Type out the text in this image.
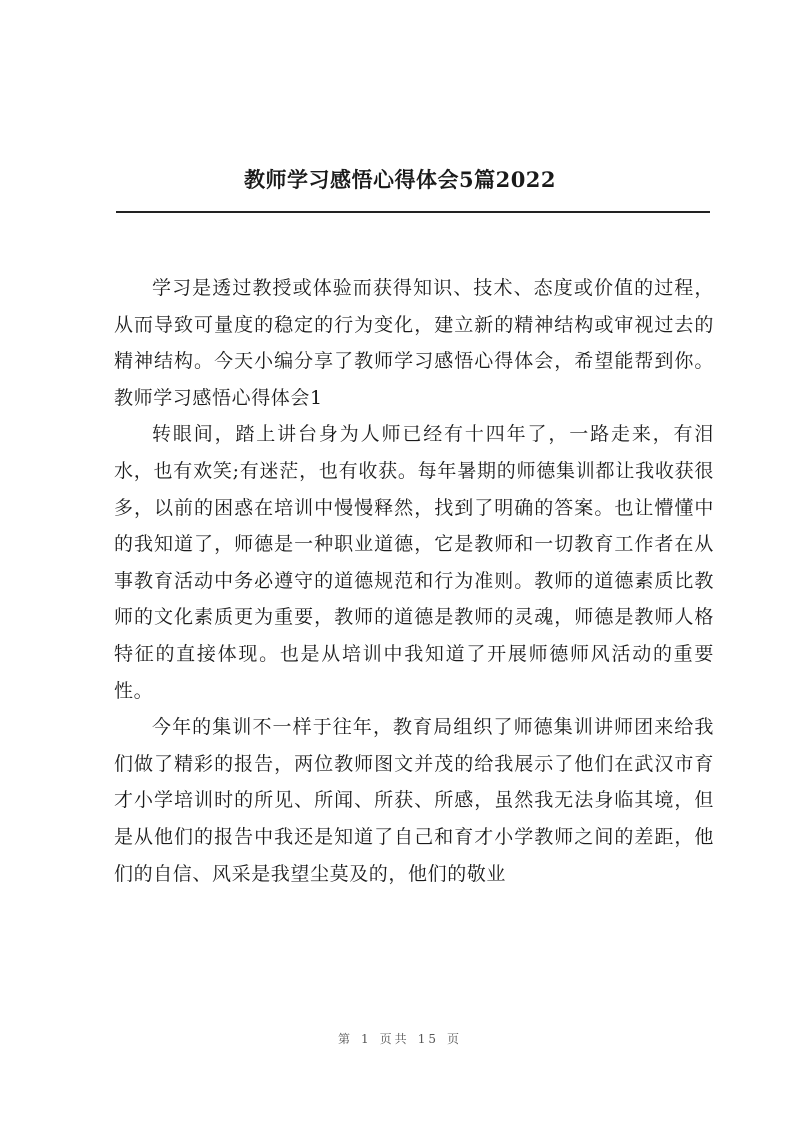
教师学习感悟心得体会5篇2022

学习是透过教授或体验而获得知识、技术、态度或价值的过程，从而导致可量度的稳定的行为变化，建立新的精神结构或审视过去的精神结构。今天小编分享了教师学习感悟心得体会，希望能帮到你。教师学习感悟心得体会1

转眼间，踏上讲台身为人师已经有十四年了，一路走来，有泪水，也有欢笑;有迷茫，也有收获。每年暑期的师德集训都让我收获很多，以前的困惑在培训中慢慢释然，找到了明确的答案。也让懵懂中的我知道了，师德是一种职业道德，它是教师和一切教育工作者在从事教育活动中务必遵守的道德规范和行为准则。教师的道德素质比教师的文化素质更为重要，教师的道德是教师的灵魂，师德是教师人格特征的直接体现。也是从培训中我知道了开展师德师风活动的重要性。

今年的集训不一样于往年，教育局组织了师德集训讲师团来给我们做了精彩的报告，两位教师图文并茂的给我展示了他们在武汉市育才小学培训时的所见、所闻、所获、所感，虽然我无法身临其境，但是从他们的报告中我还是知道了自己和育才小学教师之间的差距，他们的自信、风采是我望尘莫及的，他们的敬业

第 1 页共 15 页
